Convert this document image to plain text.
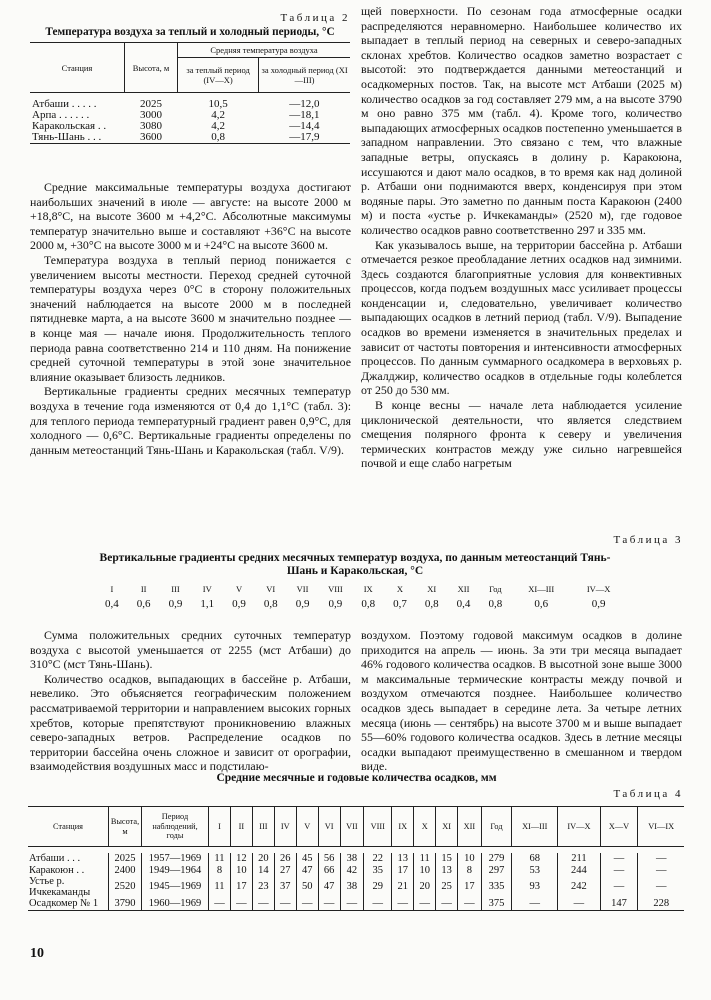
Таблица 2
Температура воздуха за теплый и холодный периоды, °С
Станция	Высота, м	Средняя температура воздуха	
		за теплый период (IV—X)	за холодный период (XI—III)

Атбаши . . . . .	2025	10,5	—12,0
Арпа . . . . . .	3000	4,2	—18,1
Каракольская . .	3080	4,2	—14,4
Тянь-Шань . . .	3600	0,8	—17,9

Средние максимальные температуры воздуха достигают наибольших значений в июле — августе: на высоте 2000 м +18,8°С, на высоте 3600 м +4,2°С. Абсолютные максимумы температур значительно выше и составляют +36°С на высоте 2000 м, +30°С на высоте 3000 м и +24°С на высоте 3600 м.

Температура воздуха в теплый период понижается с увеличением высоты местности. Переход средней суточной температуры воздуха через 0°С в сторону положительных значений наблюдается на высоте 2000 м в последней пятидневке марта, а на высоте 3600 м значительно позднее — в конце мая — начале июня. Продолжительность теплого периода равна соответственно 214 и 110 дням. На понижение средней суточной температуры в этой зоне значительное влияние оказывает близость ледников.

Вертикальные градиенты средних месячных температур воздуха в течение года изменяются от 0,4 до 1,1°С (табл. 3): для теплого периода температурный градиент равен 0,9°С, для холодного — 0,6°С. Вертикальные градиенты определены по данным метеостанций Тянь-Шань и Каракольская (табл. V/9).

щей поверхности. По сезонам года атмосферные осадки распределяются неравномерно. Наибольшее количество их выпадает в теплый период на северных и северо-западных склонах хребтов. Количество осадков заметно возрастает с высотой: это подтверждается данными метеостанций и осадкомерных постов. Так, на высоте мст Атбаши (2025 м) количество осадков за год составляет 279 мм, а на высоте 3790 м оно равно 375 мм (табл. 4). Кроме того, количество выпадающих атмосферных осадков постепенно уменьшается в западном направлении. Это связано с тем, что влажные западные ветры, опускаясь в долину р. Каракоюна, иссушаются и дают мало осадков, в то время как над долиной р. Атбаши они поднимаются вверх, конденсируя при этом водяные пары. Это заметно по данным поста Каракоюн (2400 м) и поста «устье р. Ичкекаманды» (2520 м), где годовое количество осадков равно соответственно 297 и 335 мм.

Как указывалось выше, на территории бассейна р. Атбаши отмечается резкое преобладание летних осадков над зимними. Здесь создаются благоприятные условия для конвективных процессов, когда подъем воздушных масс усиливает процессы конденсации и, следовательно, увеличивает количество выпадающих осадков в летний период (табл. V/9). Выпадение осадков во времени изменяется в значительных пределах и зависит от частоты повторения и интенсивности атмосферных процессов. По данным суммарного осадкомера в верховьях р. Джалджир, количество осадков в отдельные годы колеблется от 250 до 530 мм.

В конце весны — начале лета наблюдается усиление циклонической деятельности, что является следствием смещения полярного фронта к северу и увеличения термических контрастов между уже сильно нагревшейся почвой и еще слабо нагретым

Таблица 3
Вертикальные градиенты средних месячных температур воздуха, по данным метеостанций Тянь-Шань и Каракольская, °С
I	II	III	IV	V	VI	VII	VIII	IX	X	XI	XII	Год	XI—III	IV—X
0,4	0,6	0,9	1,1	0,9	0,8	0,9	0,9	0,8	0,7	0,8	0,4	0,8	0,6	0,9

Сумма положительных средних суточных температур воздуха с высотой уменьшается от 2255 (мст Атбаши) до 310°С (мст Тянь-Шань).

Количество осадков, выпадающих в бассейне р. Атбаши, невелико. Это объясняется географическим положением рассматриваемой территории и направлением высоких горных хребтов, которые препятствуют проникновению влажных северо-западных ветров. Распределение осадков по территории бассейна очень сложное и зависит от орографии, взаимодействия воздушных масс и подстилаю-

воздухом. Поэтому годовой максимум осадков в долине приходится на апрель — июнь. За эти три месяца выпадает 46% годового количества осадков. В высотной зоне выше 3000 м максимальные термические контрасты между почвой и воздухом отмечаются позднее. Наибольшее количество осадков здесь выпадает в середине лета. За четыре летних месяца (июнь — сентябрь) на высоте 3700 м и выше выпадает 55—60% годового количества осадков. Здесь в летние месяцы осадки выпадают преимущественно в смешанном и твердом виде.

Средние месячные и годовые количества осадков, мм
Таблица 4
Станция	Высота, м	Период наблюдений, годы	I	II	III	IV	V	VI	VII	VIII	IX	X	XI	XII	Год	XI—III	IV—X	X—V	VI—IX

Атбаши . . .	2025	1957—1969	11	12	20	26	45	56	38	22	13	11	15	10	279	68	211	—	—
Каракоюн . .	2400	1949—1964	8	10	14	27	47	66	42	35	17	10	13	8	297	53	244	—	—
Устье р. Ичкекаманды	2520	1945—1969	11	17	23	37	50	47	38	29	21	20	25	17	335	93	242	—	—
Осадкомер № 1	3790	1960—1969	—	—	—	—	—	—	—	—	—	—	—	—	375	—	—	147	228
10
